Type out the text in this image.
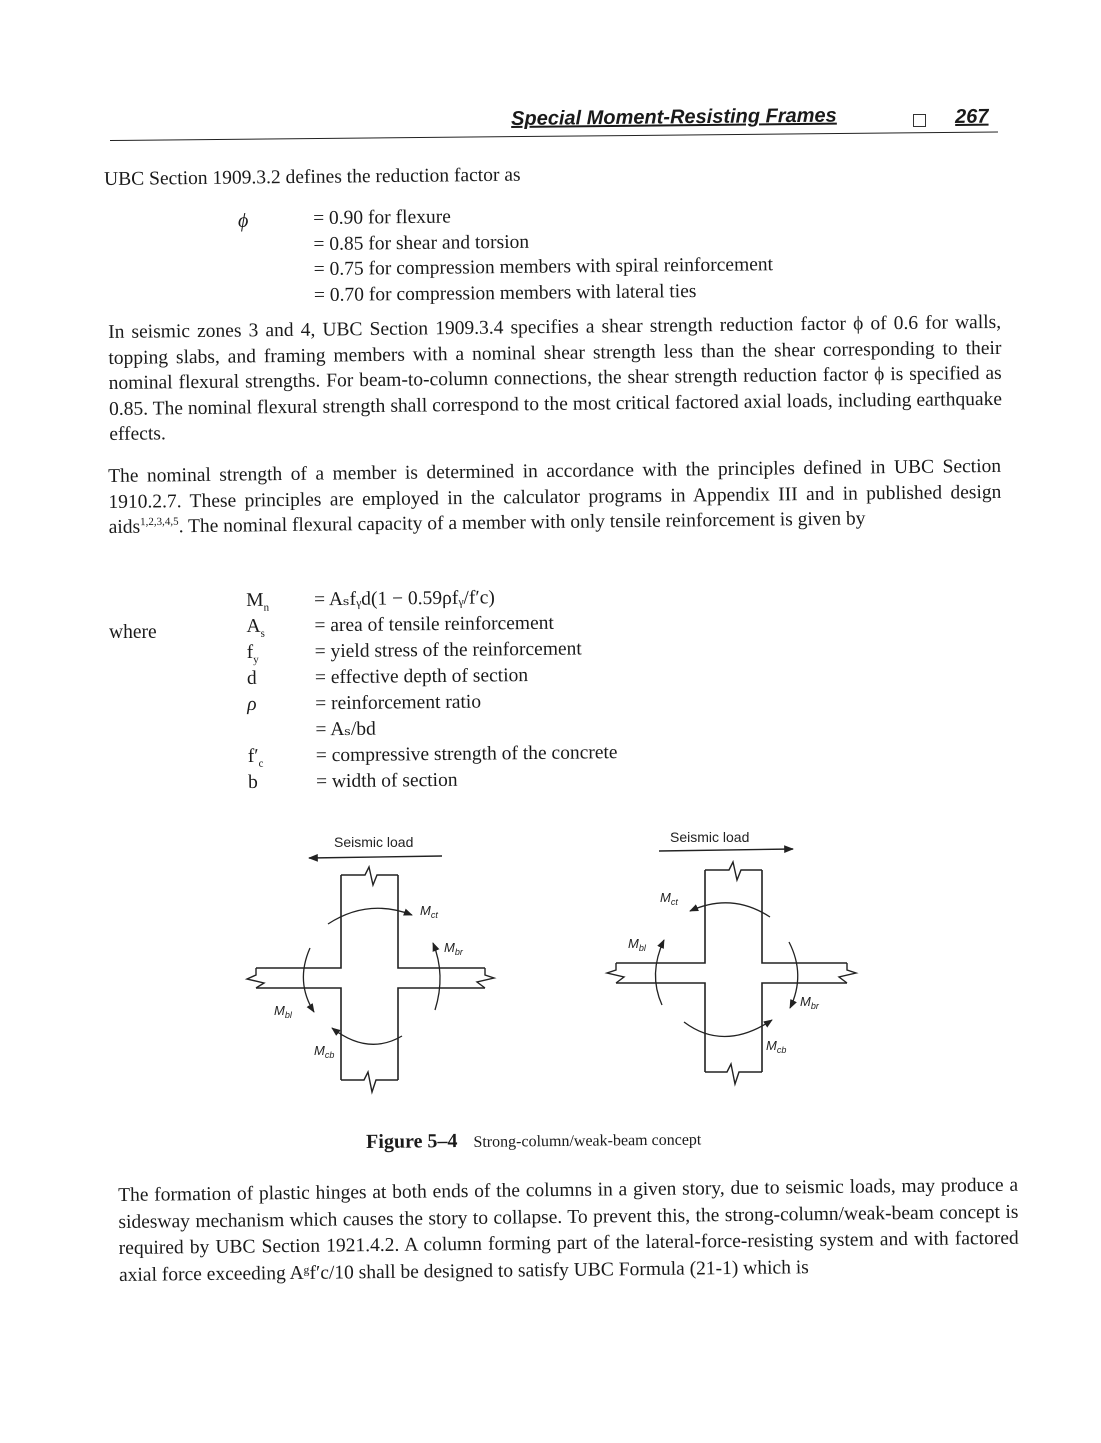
Special Moment-Resisting Frames	267
UBC Section 1909.3.2 defines the reduction factor as
ϕ	= 0.90 for flexure
= 0.85 for shear and torsion
= 0.75 for compression members with spiral reinforcement
= 0.70 for compression members with lateral ties

In seismic zones 3 and 4, UBC Section 1909.3.4 specifies a shear strength reduction factor ϕ of 0.6 for walls, topping slabs, and framing members with a nominal shear strength less than the shear corresponding to their nominal flexural strengths. For beam-to-column connections, the shear strength reduction factor ϕ is specified as 0.85. The nominal flexural strength shall correspond to the most critical factored axial loads, including earthquake effects.

The nominal strength of a member is determined in accordance with the principles defined in UBC Section 1910.2.7. These principles are employed in the calculator programs in Appendix III and in published design aids$^{1,2,3,4,5}$. The nominal flexural capacity of a member with only tensile reinforcement is given by

where
$M_n$	= Aₛfᵧd(1 − 0.59ρfᵧ/f′c)
$A_s$	= area of tensile reinforcement
$f_y$	= yield stress of the reinforcement
d	= effective depth of section
ρ	= reinforcement ratio
= Aₛ/bd
$f'_c$	= compressive strength of the concrete
b	= width of section
Seismic load
$M_{ct}$
$M_{br}$
$M_{bl}$
$M_{cb}$
Seismic load
$M_{ct}$
$M_{bl}$
$M_{br}$
$M_{cb}$
Figure 5–4 Strong-column/weak-beam concept

The formation of plastic hinges at both ends of the columns in a given story, due to seismic loads, may produce a sidesway mechanism which causes the story to collapse. To prevent this, the strong-column/weak-beam concept is required by UBC Section 1921.4.2. A column forming part of the lateral-force-resisting system and with factored axial force exceeding Aᵍf′c/10 shall be designed to satisfy UBC Formula (21-1) which is
